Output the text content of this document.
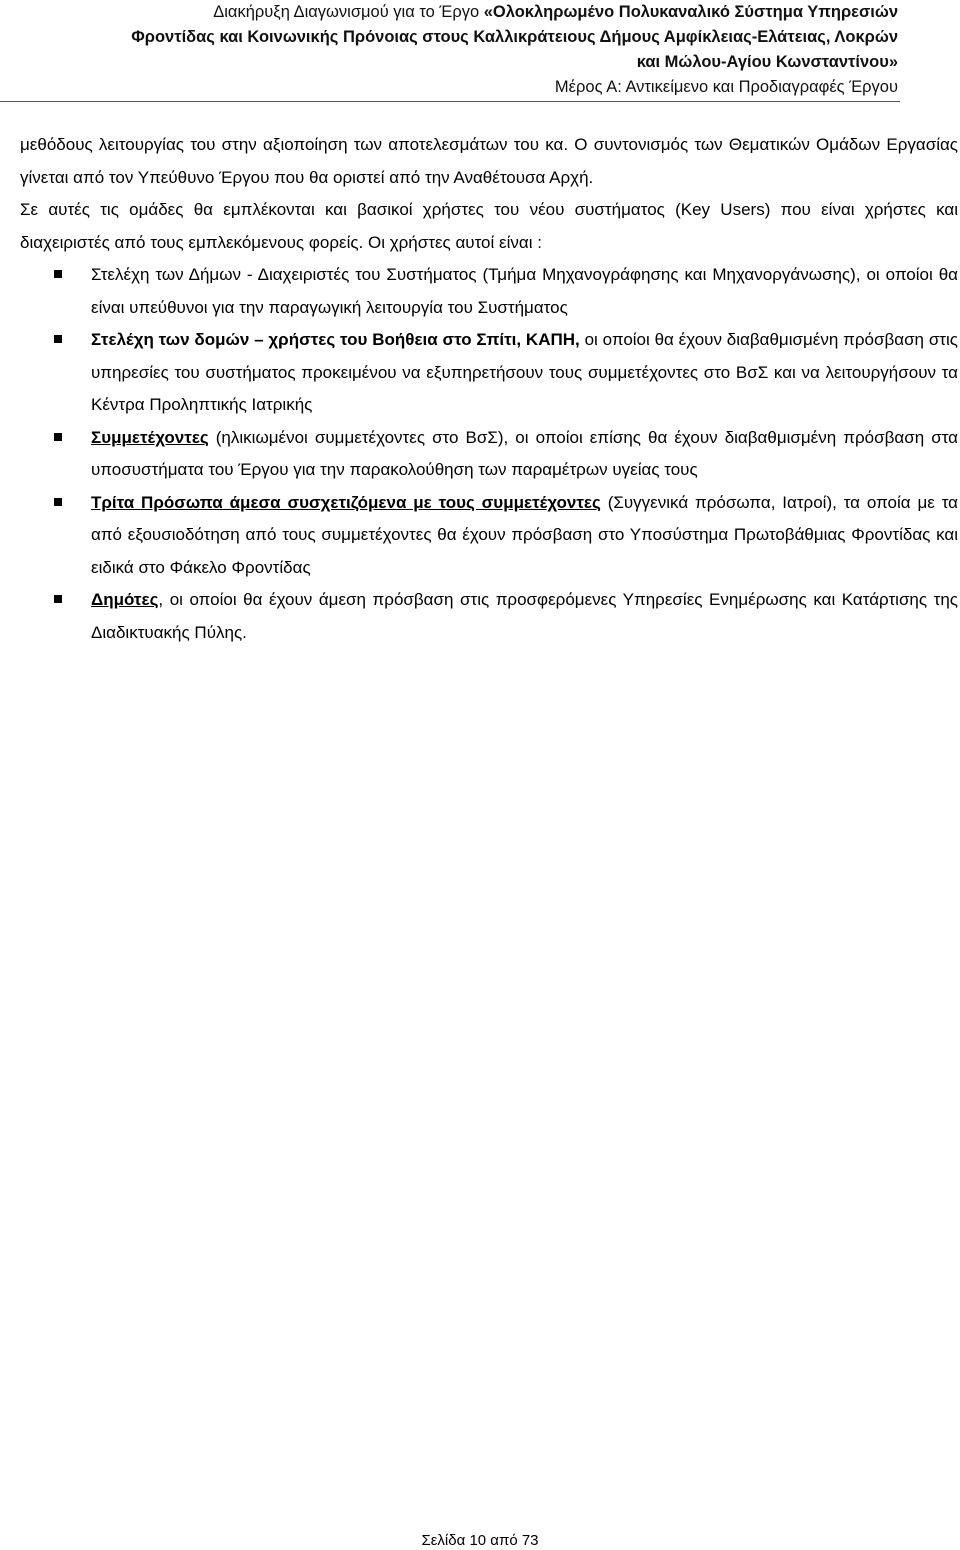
Διακήρυξη Διαγωνισμού για το Έργο «Ολοκληρωμένο Πολυκαναλικό Σύστημα Υπηρεσιών
Φροντίδας και Κοινωνικής Πρόνοιας στους Καλλικράτειους Δήμους Αμφίκλειας-Ελάτειας, Λοκρών
και Μώλου-Αγίου Κωνσταντίνου»
Μέρος Α: Αντικείμενο και Προδιαγραφές Έργου

μεθόδους λειτουργίας του στην αξιοποίηση των αποτελεσμάτων του κα. Ο συντονισμός των Θεματικών Ομάδων Εργασίας γίνεται από τον Υπεύθυνο Έργου που θα οριστεί από την Αναθέτουσα Αρχή.

Σε αυτές τις ομάδες θα εμπλέκονται και βασικοί χρήστες του νέου συστήματος (Key Users) που είναι χρήστες και διαχειριστές από τους εμπλεκόμενους φορείς. Οι χρήστες αυτοί είναι :

Στελέχη των Δήμων - Διαχειριστές του Συστήματος (Τμήμα Μηχανογράφησης και Μηχανοργάνωσης), οι οποίοι θα είναι υπεύθυνοι για την παραγωγική λειτουργία του Συστήματος
Στελέχη των δομών – χρήστες του Βοήθεια στο Σπίτι, ΚΑΠΗ, οι οποίοι θα έχουν διαβαθμισμένη πρόσβαση στις υπηρεσίες του συστήματος προκειμένου να εξυπηρετήσουν τους συμμετέχοντες στο ΒσΣ και να λειτουργήσουν τα Κέντρα Προληπτικής Ιατρικής
Συμμετέχοντες (ηλικιωμένοι συμμετέχοντες στο ΒσΣ), οι οποίοι επίσης θα έχουν διαβαθμισμένη πρόσβαση στα υποσυστήματα του Έργου για την παρακολούθηση των παραμέτρων υγείας τους
Τρίτα Πρόσωπα άμεσα συσχετιζόμενα με τους συμμετέχοντες (Συγγενικά πρόσωπα, Ιατροί), τα οποία με τα από εξουσιοδότηση από τους συμμετέχοντες θα έχουν πρόσβαση στο Υποσύστημα Πρωτοβάθμιας Φροντίδας και ειδικά στο Φάκελο Φροντίδας
Δημότες, οι οποίοι θα έχουν άμεση πρόσβαση στις προσφερόμενες Υπηρεσίες Ενημέρωσης και Κατάρτισης της Διαδικτυακής Πύλης.
Σελίδα 10 από 73
